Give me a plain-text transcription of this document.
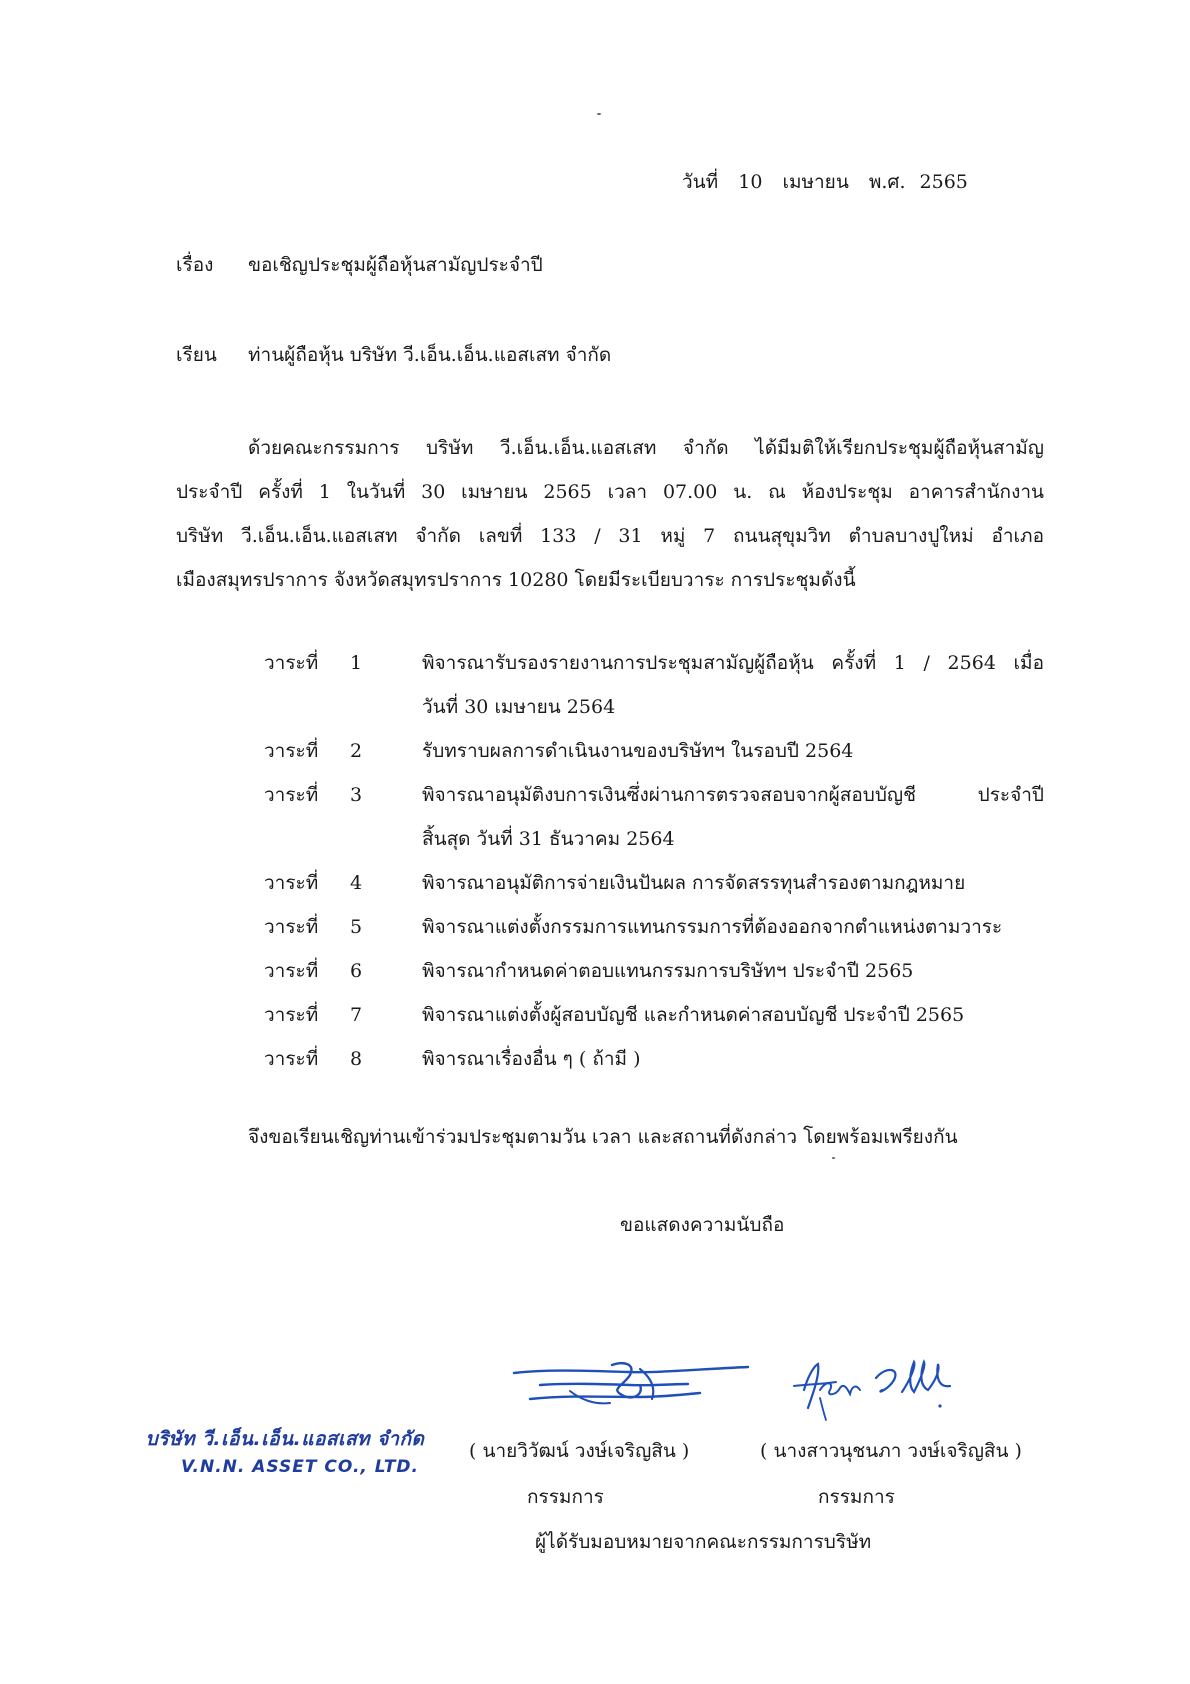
วันที่ 10 เมษายน พ.ศ. 2565
เรื่อง ขอเชิญประชุมผู้ถือหุ้นสามัญประจำปี
เรียน ท่านผู้ถือหุ้น บริษัท วี.เอ็น.เอ็น.แอสเสท จำกัด
ด้วยคณะกรรมการ บริษัท วี.เอ็น.เอ็น.แอสเสท จำกัด ได้มีมติให้เรียกประชุมผู้ถือหุ้นสามัญ
ประจำปี ครั้งที่ 1 ในวันที่ 30 เมษายน 2565 เวลา 07.00 น. ณ ห้องประชุม อาคารสำนักงาน
บริษัท วี.เอ็น.เอ็น.แอสเสท จำกัด เลขที่ 133 / 31 หมู่ 7 ถนนสุขุมวิท ตำบลบางปูใหม่ อำเภอ
เมืองสมุทรปราการ จังหวัดสมุทรปราการ 10280 โดยมีระเบียบวาระ การประชุมดังนี้
วาระที่	1	พิจารณารับรองรายงานการประชุมสามัญผู้ถือหุ้น ครั้งที่ 1 / 2564 เมื่อ
วันที่ 30 เมษายน 2564
วาระที่	2	รับทราบผลการดำเนินงานของบริษัทฯ ในรอบปี 2564
วาระที่	3	พิจารณาอนุมัติงบการเงินซึ่งผ่านการตรวจสอบจากผู้สอบบัญชี ประจำปี
สิ้นสุด วันที่ 31 ธันวาคม 2564
วาระที่	4	พิจารณาอนุมัติการจ่ายเงินปันผล การจัดสรรทุนสำรองตามกฎหมาย
วาระที่	5	พิจารณาแต่งตั้งกรรมการแทนกรรมการที่ต้องออกจากตำแหน่งตามวาระ
วาระที่	6	พิจารณากำหนดค่าตอบแทนกรรมการบริษัทฯ ประจำปี 2565
วาระที่	7	พิจารณาแต่งตั้งผู้สอบบัญชี และกำหนดค่าสอบบัญชี ประจำปี 2565
วาระที่	8	พิจารณาเรื่องอื่น ๆ ( ถ้ามี )
จึงขอเรียนเชิญท่านเข้าร่วมประชุมตามวัน เวลา และสถานที่ดังกล่าว โดยพร้อมเพรียงกัน
ขอแสดงความนับถือ
( นายวิวัฒน์ วงษ์เจริญสิน )	( นางสาวนุชนภา วงษ์เจริญสิน )
กรรมการ	กรรมการ
ผู้ได้รับมอบหมายจากคณะกรรมการบริษัท
บริษัท วี.เอ็น.เอ็น.แอสเสท จำกัด
V.N.N. ASSET CO., LTD.
